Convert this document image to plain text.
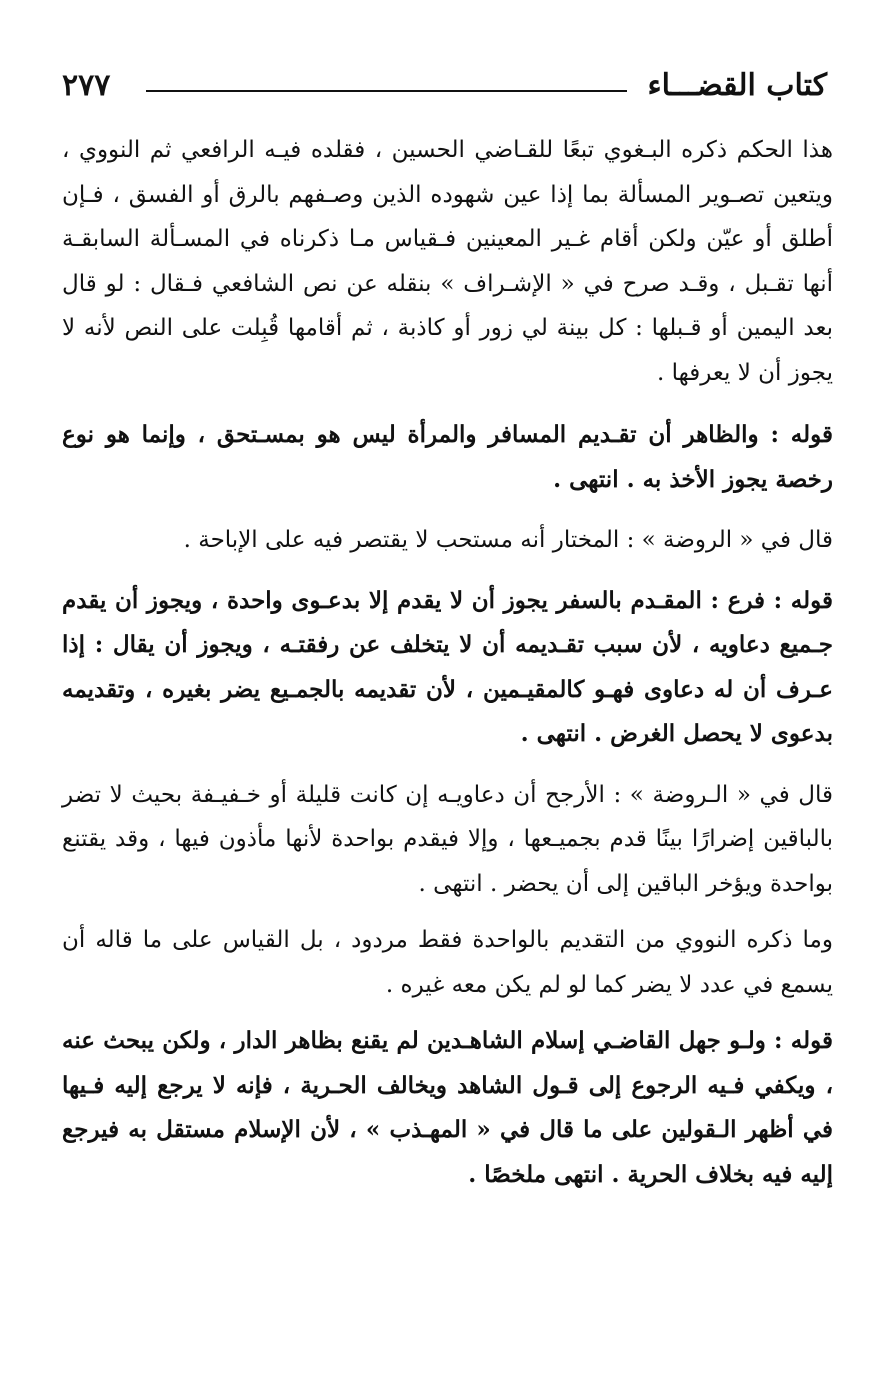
كتاب القضـــاء
٢٧٧

هذا الحكم ذكره البـغوي تبعًا للقـاضي الحسين ، فقلده فيـه الرافعي ثم النووي ، ويتعين تصـوير المسألة بما إذا عين شهوده الذين وصـفهم بالرق أو الفسق ، فـإن أطلق أو عيّن ولكن أقام غـير المعينين فـقياس مـا ذكرناه في المسـألة السابقـة أنها تقـبل ، وقـد صرح في « الإشـراف » بنقله عن نص الشافعي فـقال : لو قال بعد اليمين أو قـبلها : كل بينة لي زور أو كاذبة ، ثم أقامها قُبِلت على النص لأنه لا يجوز أن لا يعرفها .

قوله : والظاهر أن تقـديم المسافر والمرأة ليس هو بمسـتحق ، وإنما هو نوع رخصة يجوز الأخذ به . انتهى .

قال في « الروضة » : المختار أنه مستحب لا يقتصر فيه على الإباحة .

قوله : فرع : المقـدم بالسفر يجوز أن لا يقدم إلا بدعـوى واحدة ، ويجوز أن يقدم جـميع دعاويه ، لأن سبب تقـديمه أن لا يتخلف عن رفقتـه ، ويجوز أن يقال : إذا عـرف أن له دعاوى فهـو كالمقيـمين ، لأن تقديمه بالجمـيع يضر بغيره ، وتقديمه بدعوى لا يحصل الغرض . انتهى .

قال في « الـروضة » : الأرجح أن دعاويـه إن كانت قليلة أو خـفيـفة بحيث لا تضر بالباقين إضرارًا بينًا قدم بجميـعها ، وإلا فيقدم بواحدة لأنها مأذون فيها ، وقد يقتنع بواحدة ويؤخر الباقين إلى أن يحضر . انتهى .

وما ذكره النووي من التقديم بالواحدة فقط مردود ، بل القياس على ما قاله أن يسمع في عدد لا يضر كما لو لم يكن معه غيره .

قوله : ولـو جهل القاضـي إسلام الشاهـدين لم يقنع بظاهر الدار ، ولكن يبحث عنه ، ويكفي فـيه الرجوع إلى قـول الشاهد ويخالف الحـرية ، فإنه لا يرجع إليه فـيها في أظهر الـقولين على ما قال في « المهـذب » ، لأن الإسلام مستقل به فيرجع إليه فيه بخلاف الحرية . انتهى ملخصًا .
